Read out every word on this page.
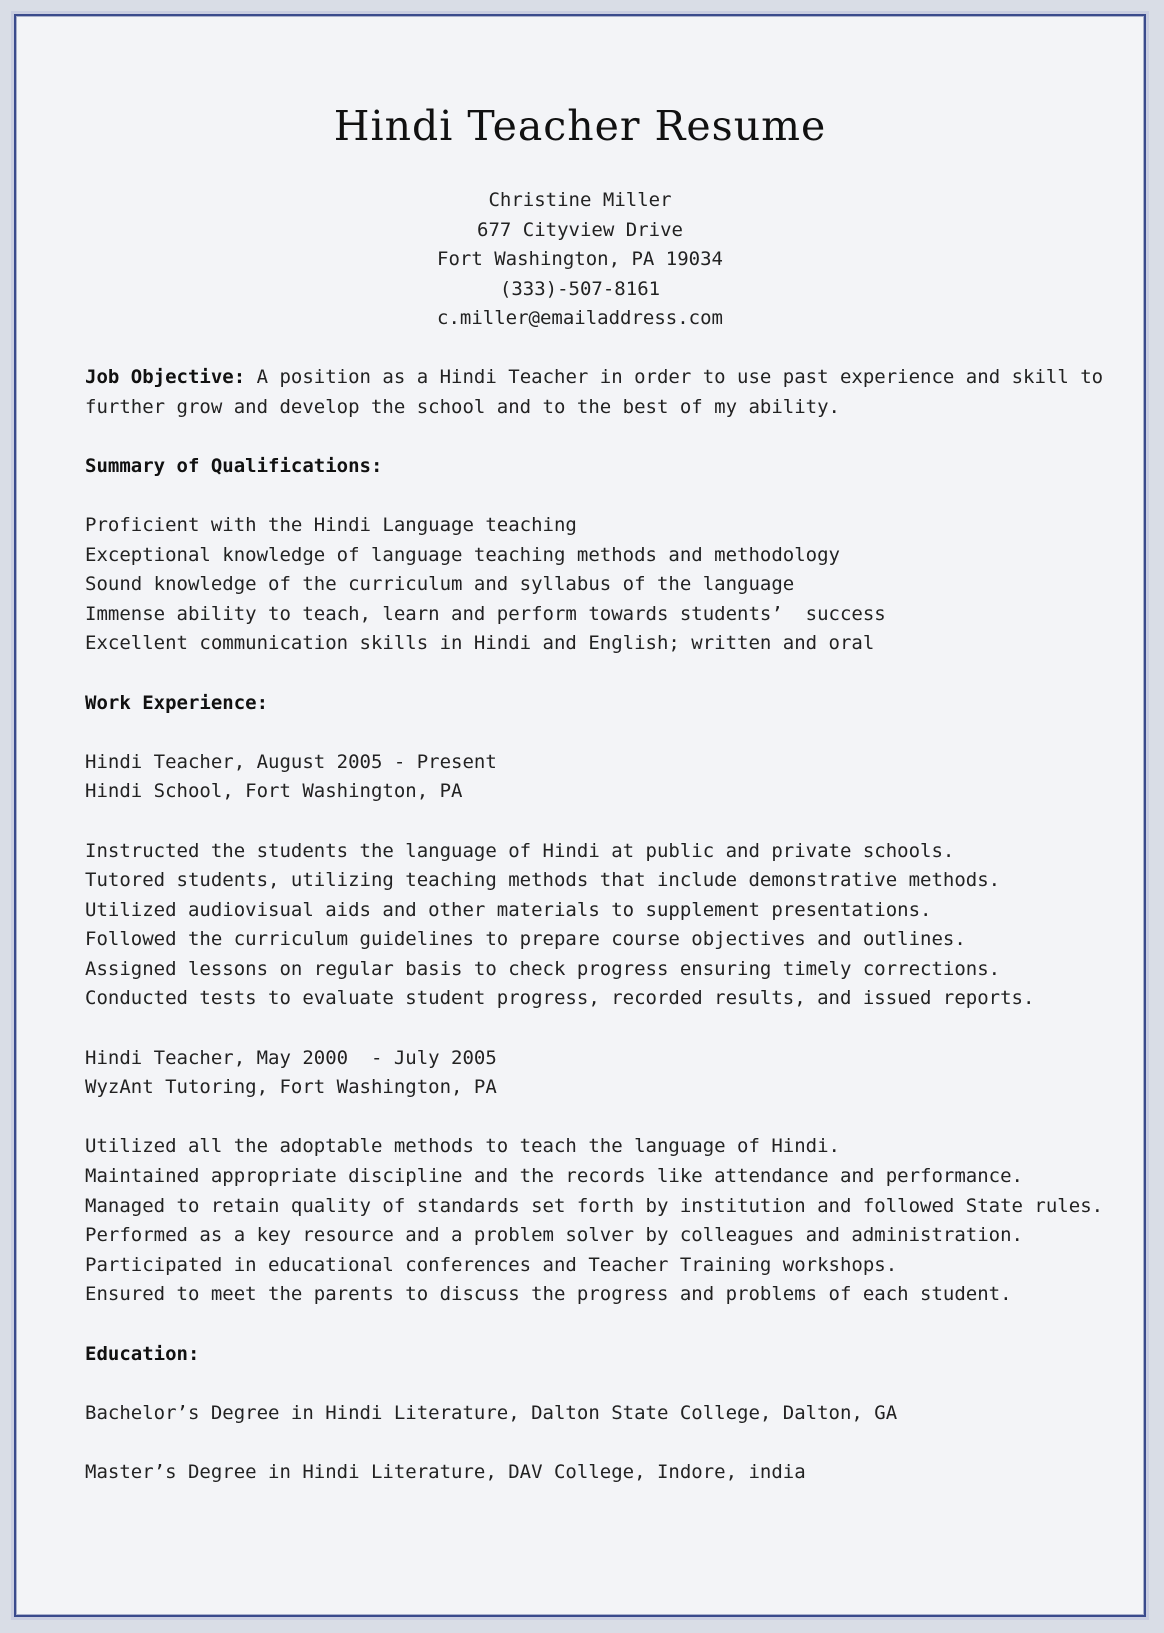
Hindi Teacher Resume
Christine Miller
677 Cityview Drive
Fort Washington, PA 19034
(333)-507-8161
c.miller@emailaddress.com
Job Objective: A position as a Hindi Teacher in order to use past experience and skill to
further grow and develop the school and to the best of my ability.
Summary of Qualifications:
Proficient with the Hindi Language teaching
Exceptional knowledge of language teaching methods and methodology
Sound knowledge of the curriculum and syllabus of the language
Immense ability to teach, learn and perform towards students’  success
Excellent communication skills in Hindi and English; written and oral
Work Experience:
Hindi Teacher, August 2005 - Present
Hindi School, Fort Washington, PA
Instructed the students the language of Hindi at public and private schools.
Tutored students, utilizing teaching methods that include demonstrative methods.
Utilized audiovisual aids and other materials to supplement presentations.
Followed the curriculum guidelines to prepare course objectives and outlines.
Assigned lessons on regular basis to check progress ensuring timely corrections.
Conducted tests to evaluate student progress, recorded results, and issued reports.
Hindi Teacher, May 2000  - July 2005
WyzAnt Tutoring, Fort Washington, PA
Utilized all the adoptable methods to teach the language of Hindi.
Maintained appropriate discipline and the records like attendance and performance.
Managed to retain quality of standards set forth by institution and followed State rules.
Performed as a key resource and a problem solver by colleagues and administration.
Participated in educational conferences and Teacher Training workshops.
Ensured to meet the parents to discuss the progress and problems of each student.
Education:
Bachelor’s Degree in Hindi Literature, Dalton State College, Dalton, GA
Master’s Degree in Hindi Literature, DAV College, Indore, india
